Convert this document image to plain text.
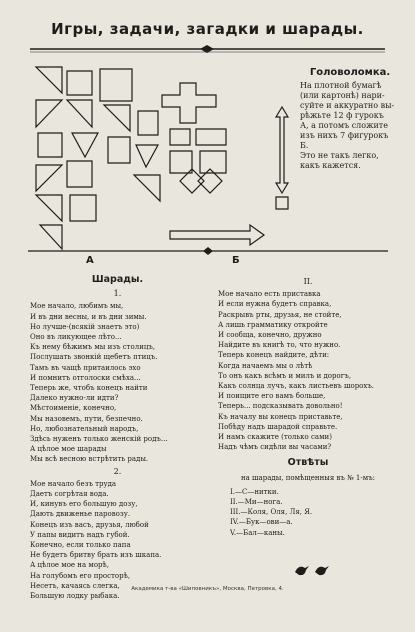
Игры, задачи, загадки и шарады.
А	Б
Головоломка.

На плотной бумагѣ
(или картонѣ) нари-
суйте и аккуратно вы-
рѣжьте 12 ф гурокъ
А, а потомъ сложите
изъ нихъ 7 фигурокъ
Б.
Это не такъ легко,
какъ кажется.

Шарады.
1.
Мое начало, любимъ мы,
И въ дни весны, и въ дни зимы.
Но лучше-(всякій знаетъ это)
Оно въ ликующее лѣто...
Къ нему бѣжимъ мы изъ столицъ,
Послушать звонкій щебетъ птицъ.
Тамъ въ чащѣ притаилось эхо
И помнитъ отголоски смѣха...
Теперь же, чтобъ конецъ найти
Далеко нужно-ли идти?
Мѣстоименіе, конечно,
Мы назовемъ, пути, безпечно.
Но, любознательный народъ,
Здѣсь нуженъ только женскій родъ...
А цѣлое мое шарады
Мы всѣ весною встрѣтить рады.
2.
Мое начало безъ труда
Даетъ согрѣтая вода.
И, кинувъ его большую дозу,
Дають движенье паровозу.
Конецъ изъ васъ, друзья, любой
У папы видитъ надъ губой.
Конечно, если только папа
Не будетъ бритву брать изъ шкапа.
А цѣлое мое на морѣ,
На голубомъ его просторѣ,
Несетъ, качаясь слегка,
Большую лодку рыбака.
II.
Мое начало есть приставка
И если нужна будетъ справка,
Раскрывъ рты, друзья, не стойте,
А лишь грамматику откройте
И сообща, конечно, дружно
Найдите въ книгѣ то, что нужно.
Теперь конецъ найдите, дѣти:
Когда начаемъ мы о лѣтѣ
То онъ какъ всѣмъ и милъ и дорогъ,
Какъ солнца лучъ, какъ листьевъ шорохъ.
И поищите его вамъ больше,
Теперь... подсказывать довольно!
Къ началу вы конецъ приставьте,
Побѣду надъ шарадой справьте.
И намъ скажите (только сами)
Надъ чѣмъ сидѣли вы часами?
Отвѣты
на шарады, помѣщенныя въ № 1-мъ:
I.—С—нитки.
II.—Ми—нога.
III.—Коля, Оля, Ля, Я.
IV.—Бук—ови—а.
V.—Бал—каны.
Академика т-ва «Шиповникъ», Москва, Петровка, 4.
